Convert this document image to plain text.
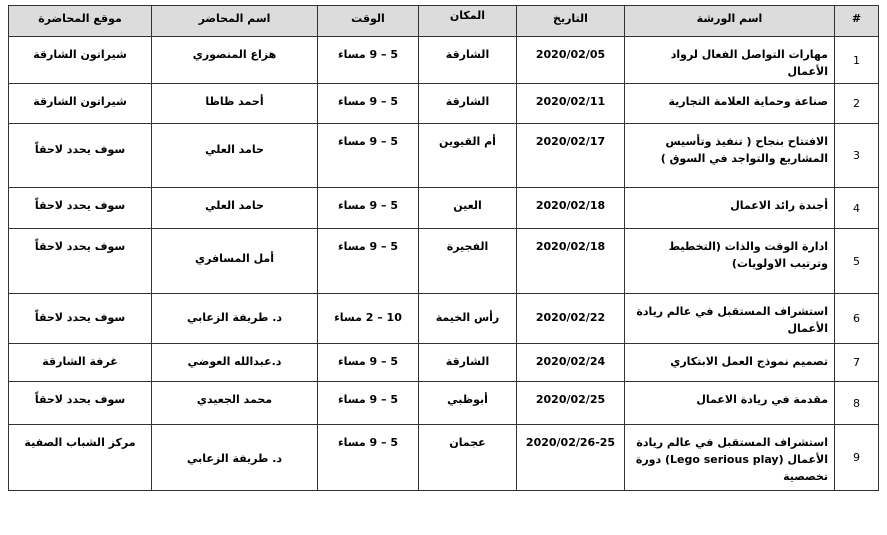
#	اسم الورشة	التاريخ	المكان	الوقت	اسم المحاضر	موقع المحاضرة
1	مهارات التواصل الفعال لرواد الأعمال	2020/02/05	الشارقة	5 – 9 مساء	هزاع المنصوري	شيراتون الشارقة

2	صناعة وحماية العلامة التجارية	2020/02/11	الشارقة	5 – 9 مساء	أحمد ظاظا	شيراتون الشارقة

3	الافتتاح بنجاح ( تنفيذ وتأسيس المشاريع والتواجد في السوق )	2020/02/17	أم القيوين	5 – 9 مساء	حامد العلي	سوف يحدد لاحقاً

4	أجندة رائد الاعمال	2020/02/18	العين	5 – 9 مساء	حامد العلي	سوف يحدد لاحقاً

5	ادارة الوقت والذات (التخطيط وترتيب الاولويات)	2020/02/18	الفجيرة	5 – 9 مساء	أمل المسافري	سوف يحدد لاحقاً

6	استشراف المستقبل في عالم ريادة الأعمال	2020/02/22	رأس الخيمة	10 – 2 مساء	د. طريفة الزعابي	سوف يحدد لاحقاً

7	تصميم نموذج العمل الابتكاري	2020/02/24	الشارقة	5 – 9 مساء	د.عبدالله العوضي	غرفة الشارقة

8	مقدمة في ريادة الاعمال	2020/02/25	أبوظبي	5 – 9 مساء	محمد الجعيدي	سوف يحدد لاحقاً

9	استشراف المستقبل في عالم ريادة الأعمال (Lego serious play) دورة تخصصية	2020/02/26-25	عجمان	5 – 9 مساء	د. طريفة الزعابي	مركز الشباب الصفية
